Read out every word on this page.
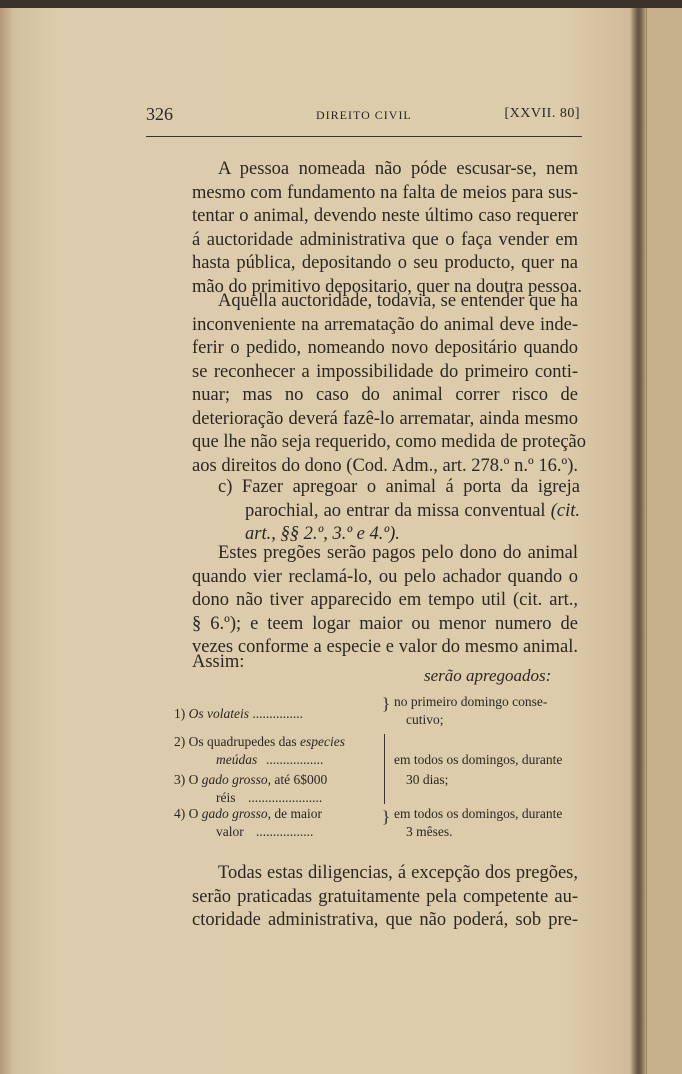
326	DIREITO CIVIL	[XXVII. 80]
A pessoa nomeada não póde escusar-se, nem
mesmo com fundamento na falta de meios para sus-
tentar o animal, devendo neste último caso requerer
á auctoridade administrativa que o faça vender em
hasta pública, depositando o seu producto, quer na
mão do primitivo depositario, quer na doutra pessoa.
Aquella auctoridade, todavia, se entender que ha
inconveniente na arrematação do animal deve inde-
ferir o pedido, nomeando novo depositário quando
se reconhecer a impossibilidade do primeiro conti-
nuar; mas no caso do animal correr risco de
deterioração deverá fazê-lo arrematar, ainda mesmo
que lhe não seja requerido, como medida de proteção
aos direitos do dono (Cod. Adm., art. 278.º n.º 16.º).
c) Fazer apregoar o animal á porta da igreja
parochial, ao entrar da missa conventual (cit.
art., §§ 2.º, 3.º e 4.º).
Estes pregões serão pagos pelo dono do animal
quando vier reclamá-lo, ou pelo achador quando o
dono não tiver apparecido em tempo util (cit. art.,
§ 6.º); e teem logar maior ou menor numero de
vezes conforme a especie e valor do mesmo animal.
Assim:
serão apregoados:
1) Os volateis ...............
} no primeiro domingo conse-
cutivo;
2) Os quadrupedes das especies
meúdas .................
3) O gado grosso, até 6$000
réis ......................
em todos os domingos, durante
30 dias;
4) O gado grosso, de maior
valor .................
} em todos os domingos, durante
3 mêses.
Todas estas diligencias, á excepção dos pregões,
serão praticadas gratuitamente pela competente au-
ctoridade administrativa, que não poderá, sob pre-
